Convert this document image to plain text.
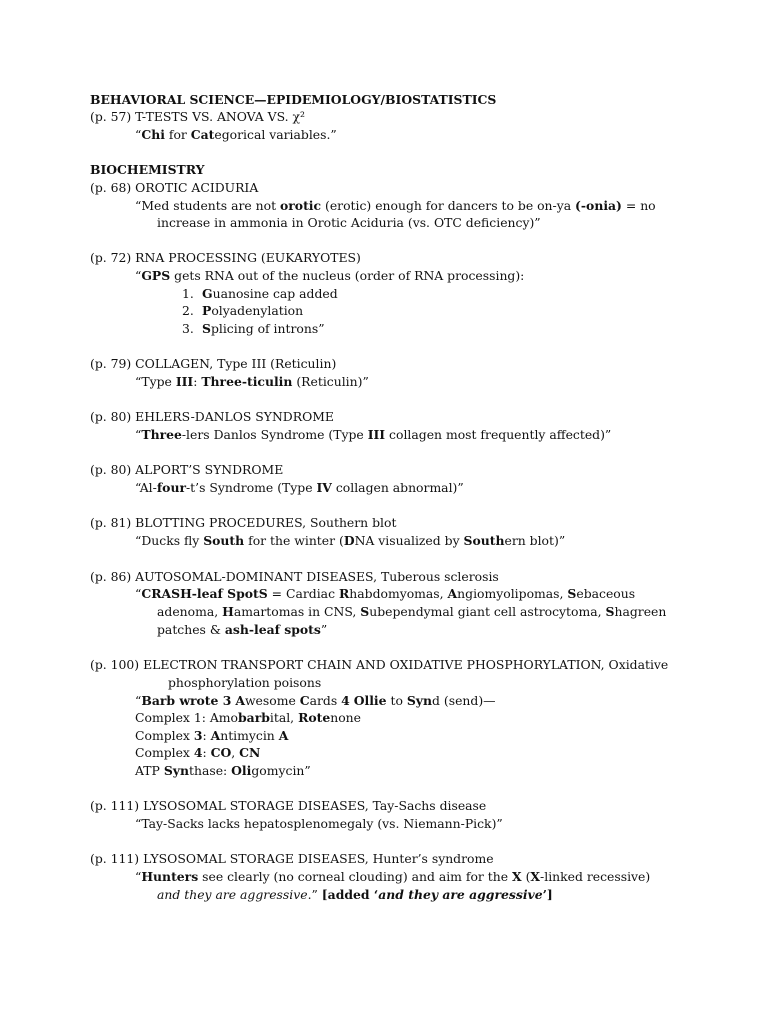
BEHAVIORAL SCIENCE—EPIDEMIOLOGY/BIOSTATISTICS
(p. 57) T-TESTS VS. ANOVA VS. χ²
“Chi for Categorical variables.”
BIOCHEMISTRY
(p. 68) OROTIC ACIDURIA
“Med students are not orotic (erotic) enough for dancers to be on-ya (-onia) = no
increase in ammonia in Orotic Aciduria (vs. OTC deficiency)”
(p. 72) RNA PROCESSING (EUKARYOTES)
“GPS gets RNA out of the nucleus (order of RNA processing):
1. Guanosine cap added
2. Polyadenylation
3. Splicing of introns”
(p. 79) COLLAGEN, Type III (Reticulin)
“Type III: Three-ticulin (Reticulin)”
(p. 80) EHLERS-DANLOS SYNDROME
“Three-lers Danlos Syndrome (Type III collagen most frequently affected)”
(p. 80) ALPORT’S SYNDROME
“Al-four-t’s Syndrome (Type IV collagen abnormal)”
(p. 81) BLOTTING PROCEDURES, Southern blot
“Ducks fly South for the winter (DNA visualized by Southern blot)”
(p. 86) AUTOSOMAL-DOMINANT DISEASES, Tuberous sclerosis
“CRASH-leaf SpotS = Cardiac Rhabdomyomas, Angiomyolipomas, Sebaceous
adenoma, Hamartomas in CNS, Subependymal giant cell astrocytoma, Shagreen
patches & ash-leaf spots”
(p. 100) ELECTRON TRANSPORT CHAIN AND OXIDATIVE PHOSPHORYLATION, Oxidative
phosphorylation poisons
“Barb wrote 3 Awesome Cards 4 Ollie to Synd (send)—
Complex 1: Amobarbital, Rotenone
Complex 3: Antimycin A
Complex 4: CO, CN
ATP Synthase: Oligomycin”
(p. 111) LYSOSOMAL STORAGE DISEASES, Tay-Sachs disease
“Tay-Sacks lacks hepatosplenomegaly (vs. Niemann-Pick)”
(p. 111) LYSOSOMAL STORAGE DISEASES, Hunter’s syndrome
“Hunters see clearly (no corneal clouding) and aim for the X (X-linked recessive)
and they are aggressive.” [added ‘and they are aggressive’]
